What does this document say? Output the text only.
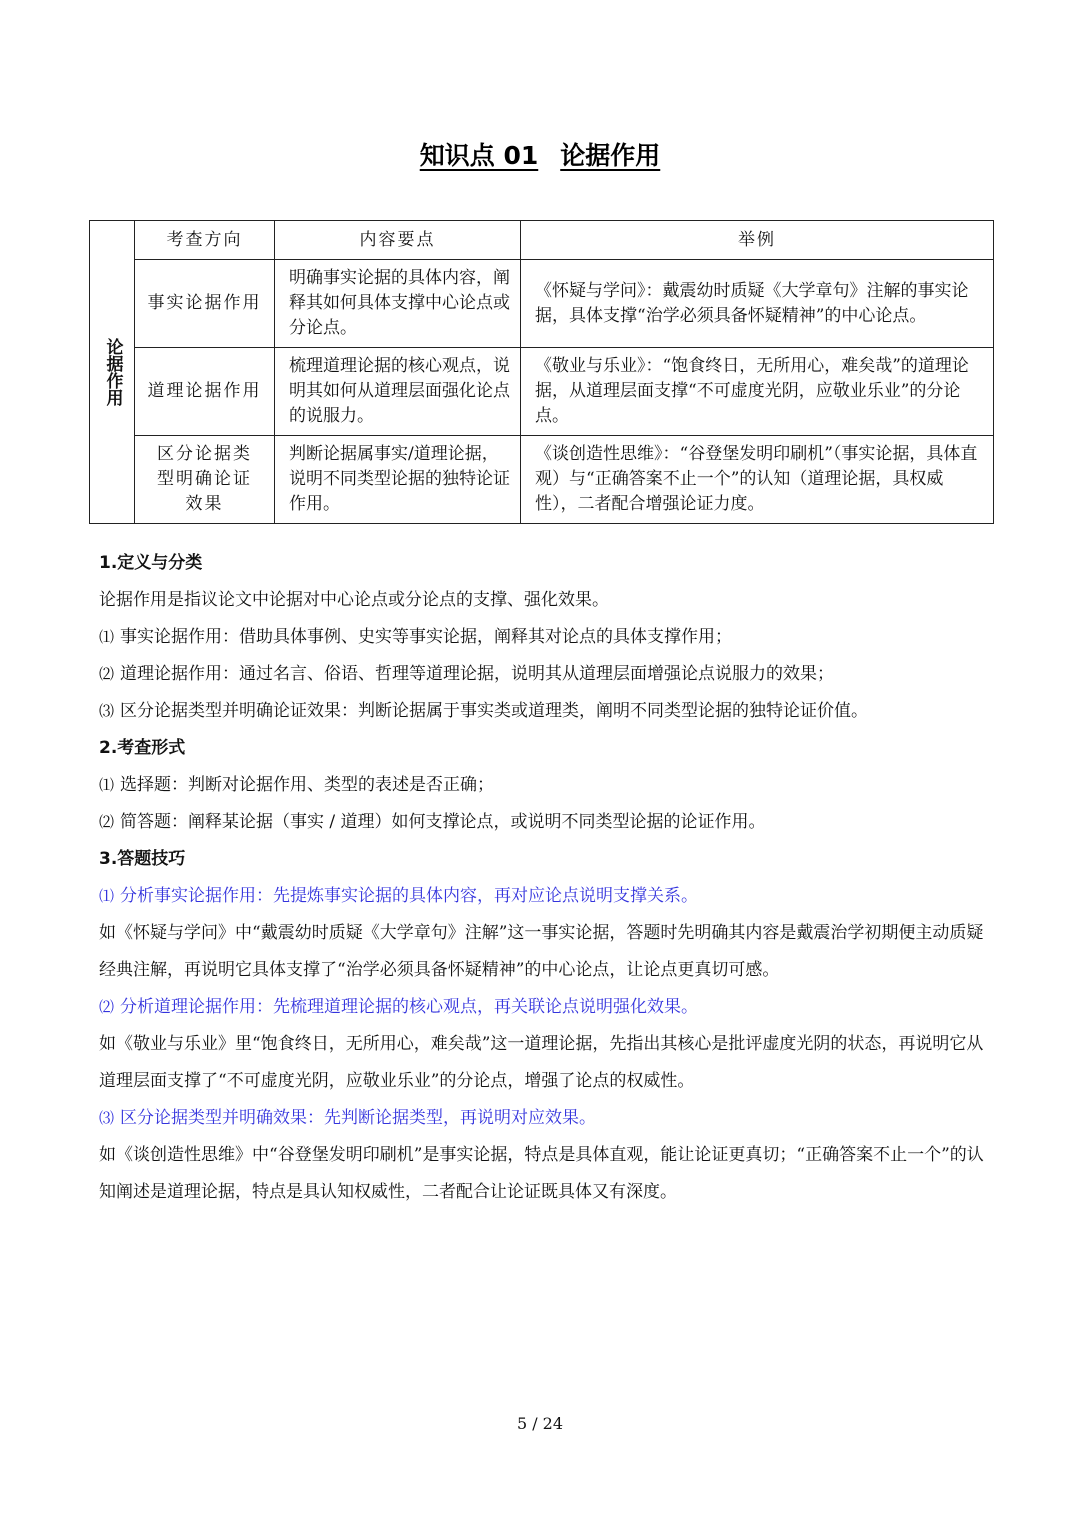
知识点 01 论据作用
论据作用	考查方向	内容要点	举例
	事实论据作用	明确事实论据的具体内容，阐释其如何具体支撑中心论点或分论点。	《怀疑与学问》：戴震幼时质疑《大学章句》注解的事实论据，具体支撑“治学必须具备怀疑精神”的中心论点。
	道理论据作用	梳理道理论据的核心观点，说明其如何从道理层面强化论点的说服力。	《敬业与乐业》：“饱食终日，无所用心，难矣哉”的道理论据，从道理层面支撑“不可虚度光阴，应敬业乐业”的分论点。
	区分论据类型明确论证效果	判断论据属事实/道理论据，说明不同类型论据的独特论证作用。	《谈创造性思维》：“谷登堡发明印刷机”（事实论据，具体直观）与“正确答案不止一个”的认知（道理论据，具权威性），二者配合增强论证力度。
1.定义与分类
论据作用是指议论文中论据对中心论点或分论点的支撑、强化效果。
⑴ 事实论据作用：借助具体事例、史实等事实论据，阐释其对论点的具体支撑作用；
⑵ 道理论据作用：通过名言、俗语、哲理等道理论据，说明其从道理层面增强论点说服力的效果；
⑶ 区分论据类型并明确论证效果：判断论据属于事实类或道理类，阐明不同类型论据的独特论证价值。
2.考查形式
⑴ 选择题：判断对论据作用、类型的表述是否正确；
⑵ 简答题：阐释某论据（事实 / 道理）如何支撑论点，或说明不同类型论据的论证作用。
3.答题技巧
⑴ 分析事实论据作用：先提炼事实论据的具体内容，再对应论点说明支撑关系。
如《怀疑与学问》中“戴震幼时质疑《大学章句》注解”这一事实论据，答题时先明确其内容是戴震治学初期便主动质疑经典注解，再说明它具体支撑了“治学必须具备怀疑精神”的中心论点，让论点更真切可感。
⑵ 分析道理论据作用：先梳理道理论据的核心观点，再关联论点说明强化效果。
如《敬业与乐业》里“饱食终日，无所用心，难矣哉”这一道理论据，先指出其核心是批评虚度光阴的状态，再说明它从道理层面支撑了“不可虚度光阴，应敬业乐业”的分论点，增强了论点的权威性。
⑶ 区分论据类型并明确效果：先判断论据类型，再说明对应效果。
如《谈创造性思维》中“谷登堡发明印刷机”是事实论据，特点是具体直观，能让论证更真切；“正确答案不止一个”的认知阐述是道理论据，特点是具认知权威性，二者配合让论证既具体又有深度。
5 / 24
